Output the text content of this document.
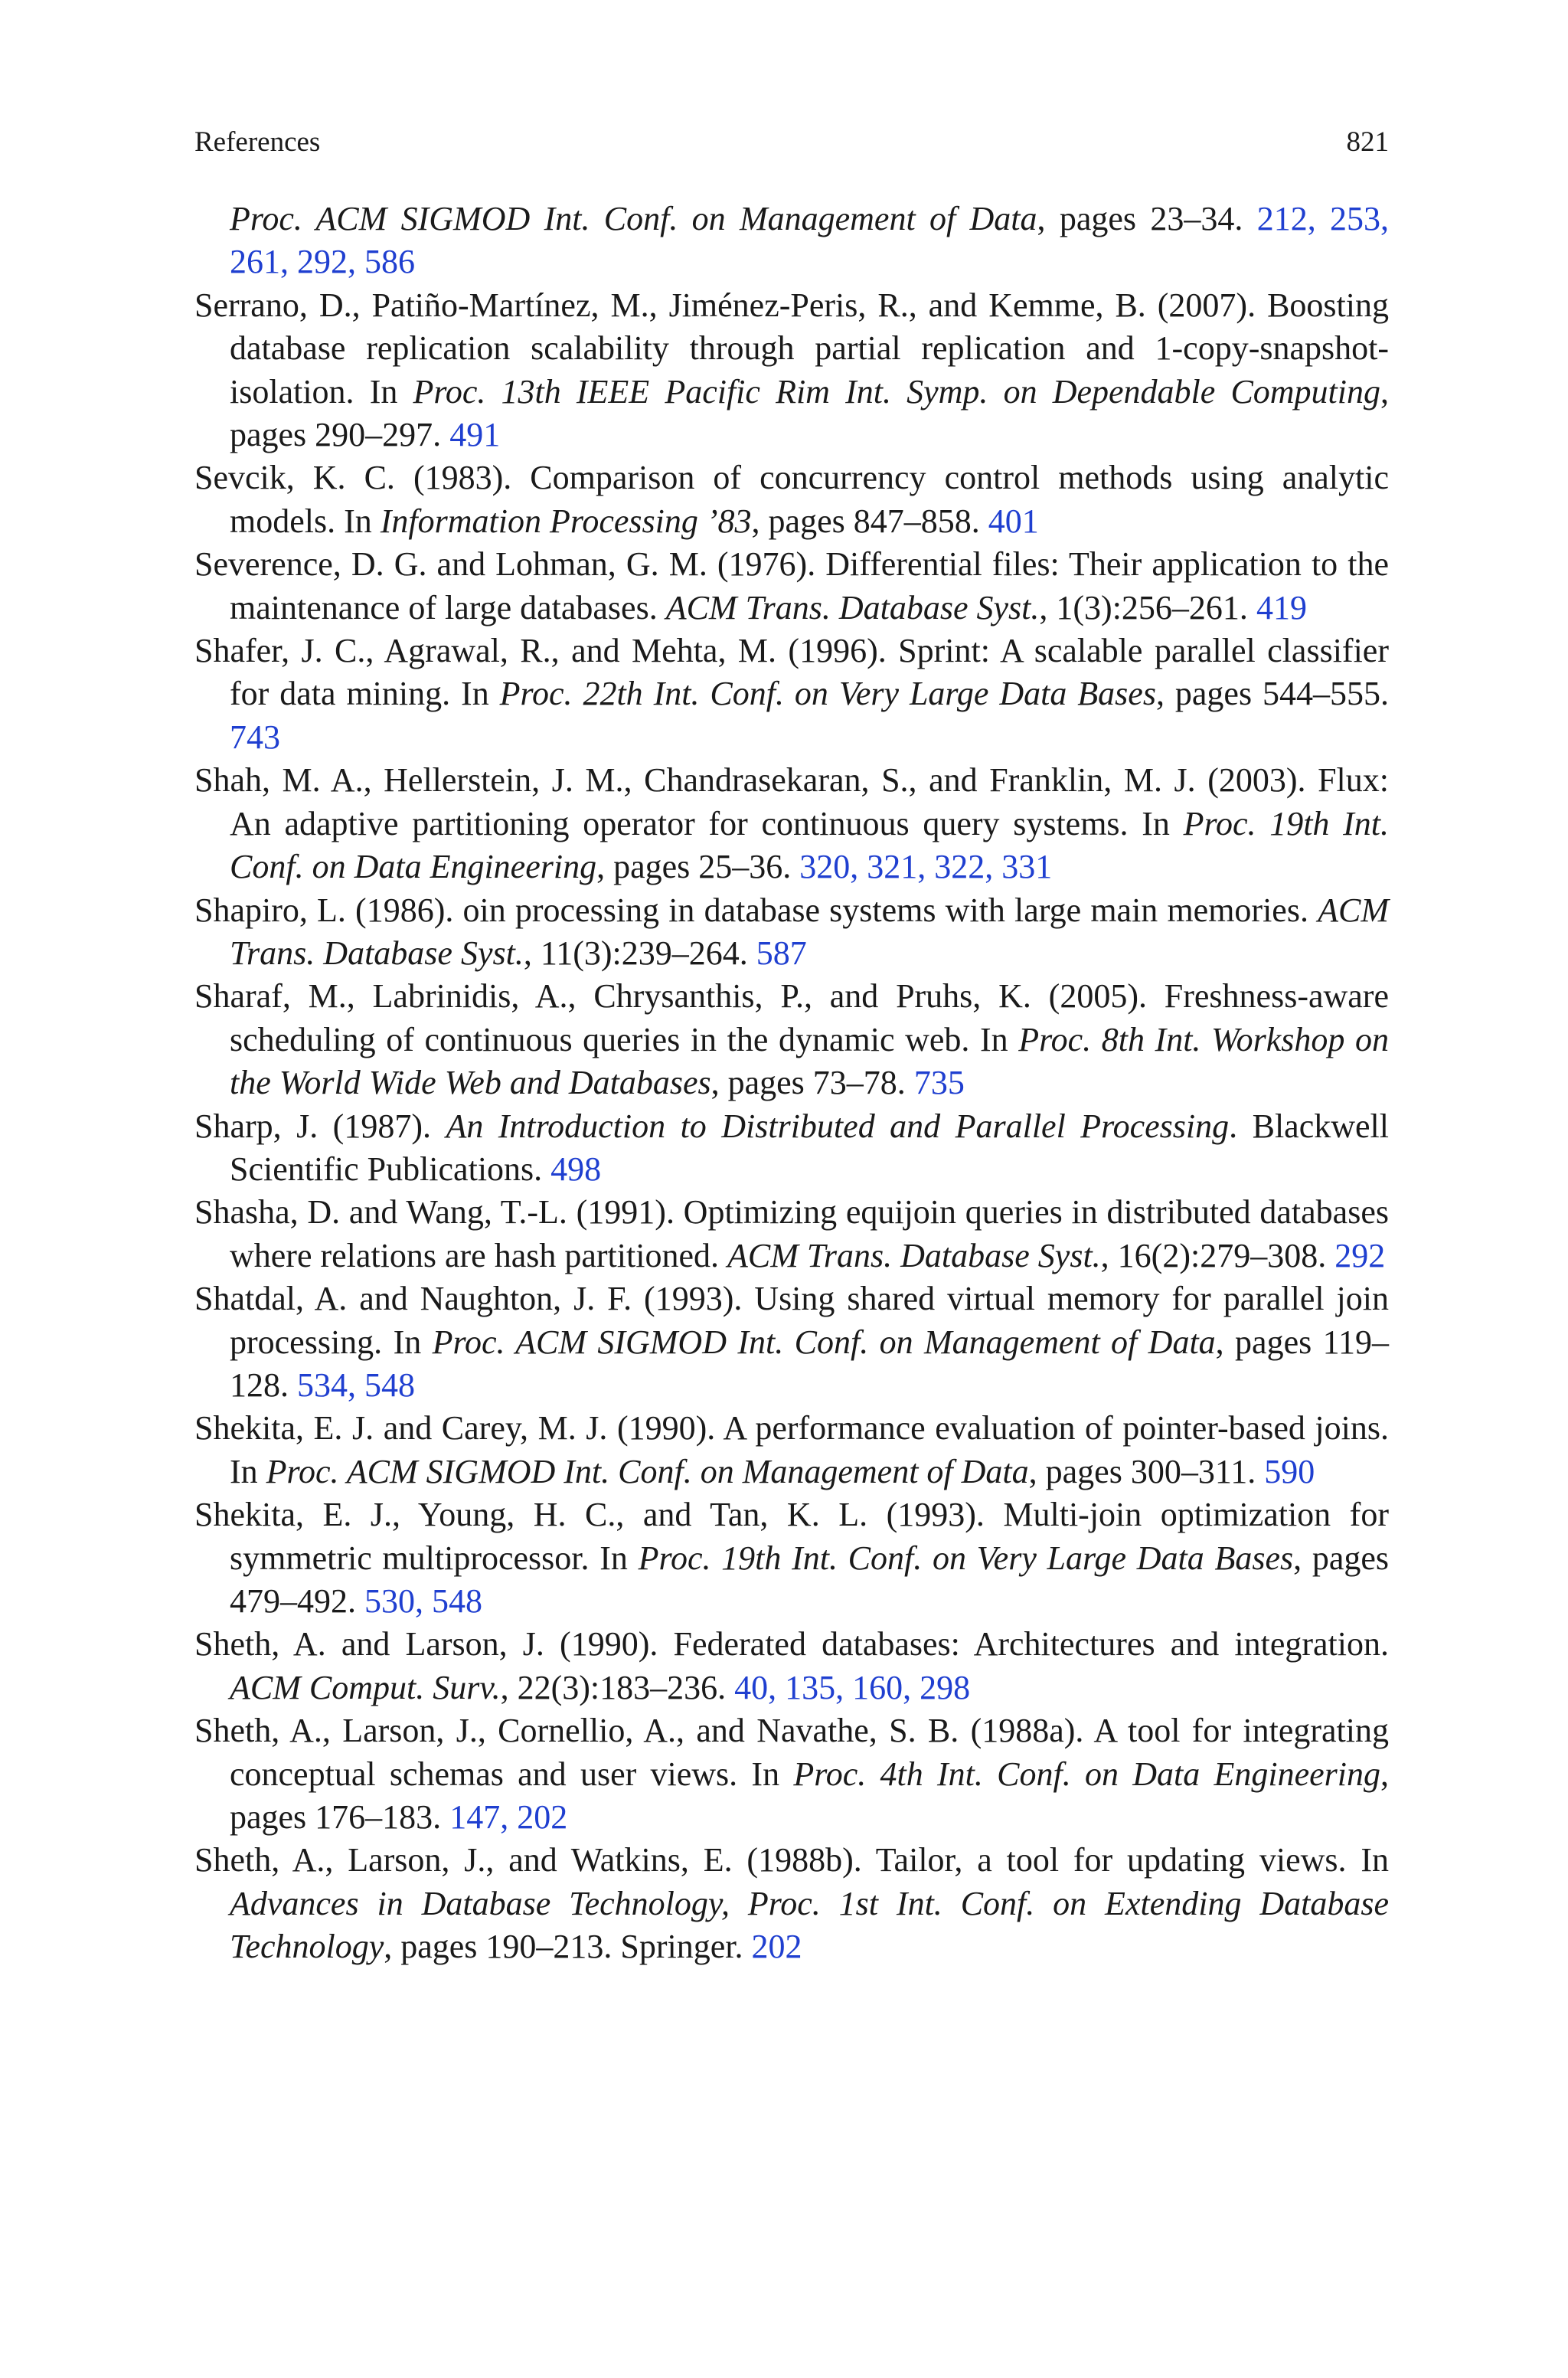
References	821

Proc. ACM SIGMOD Int. Conf. on Management of Data, pages 23–34. 212, 253, 261, 292, 586

Serrano, D., Patiño-Martínez, M., Jiménez-Peris, R., and Kemme, B. (2007). Boosting database replication scalability through partial replication and 1-copy-snapshot-isolation. In Proc. 13th IEEE Pacific Rim Int. Symp. on Dependable Computing, pages 290–297. 491

Sevcik, K. C. (1983). Comparison of concurrency control methods using analytic models. In Information Processing ’83, pages 847–858. 401

Severence, D. G. and Lohman, G. M. (1976). Differential files: Their application to the maintenance of large databases. ACM Trans. Database Syst., 1(3):256–261. 419

Shafer, J. C., Agrawal, R., and Mehta, M. (1996). Sprint: A scalable parallel classifier for data mining. In Proc. 22th Int. Conf. on Very Large Data Bases, pages 544–555. 743

Shah, M. A., Hellerstein, J. M., Chandrasekaran, S., and Franklin, M. J. (2003). Flux: An adaptive partitioning operator for continuous query systems. In Proc. 19th Int. Conf. on Data Engineering, pages 25–36. 320, 321, 322, 331

Shapiro, L. (1986). oin processing in database systems with large main memories. ACM Trans. Database Syst., 11(3):239–264. 587

Sharaf, M., Labrinidis, A., Chrysanthis, P., and Pruhs, K. (2005). Freshness-aware scheduling of continuous queries in the dynamic web. In Proc. 8th Int. Workshop on the World Wide Web and Databases, pages 73–78. 735

Sharp, J. (1987). An Introduction to Distributed and Parallel Processing. Blackwell Scientific Publications. 498

Shasha, D. and Wang, T.-L. (1991). Optimizing equijoin queries in distributed databases where relations are hash partitioned. ACM Trans. Database Syst., 16(2):279–308. 292

Shatdal, A. and Naughton, J. F. (1993). Using shared virtual memory for parallel join processing. In Proc. ACM SIGMOD Int. Conf. on Management of Data, pages 119–128. 534, 548

Shekita, E. J. and Carey, M. J. (1990). A performance evaluation of pointer-based joins. In Proc. ACM SIGMOD Int. Conf. on Management of Data, pages 300–311. 590

Shekita, E. J., Young, H. C., and Tan, K. L. (1993). Multi-join optimization for symmetric multiprocessor. In Proc. 19th Int. Conf. on Very Large Data Bases, pages 479–492. 530, 548

Sheth, A. and Larson, J. (1990). Federated databases: Architectures and integration. ACM Comput. Surv., 22(3):183–236. 40, 135, 160, 298

Sheth, A., Larson, J., Cornellio, A., and Navathe, S. B. (1988a). A tool for integrating conceptual schemas and user views. In Proc. 4th Int. Conf. on Data Engineering, pages 176–183. 147, 202

Sheth, A., Larson, J., and Watkins, E. (1988b). Tailor, a tool for updating views. In Advances in Database Technology, Proc. 1st Int. Conf. on Extending Database Technology, pages 190–213. Springer. 202
